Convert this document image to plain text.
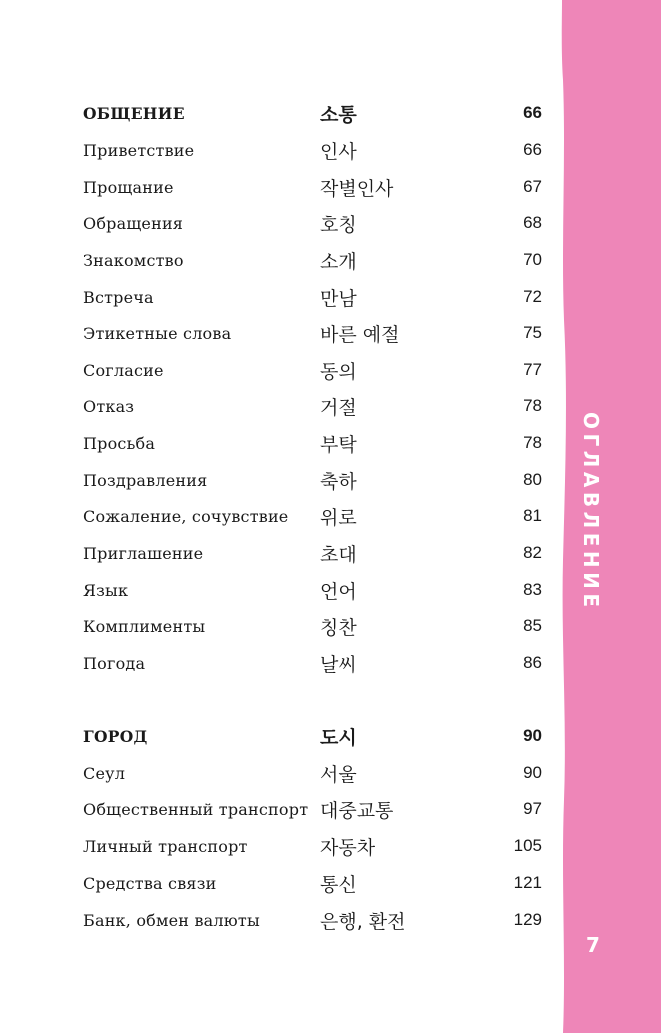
ОБЩЕНИЕ	소통	66
Приветствие	인사	66
Прощание	작별인사	67
Обращения	호칭	68
Знакомство	소개	70
Встреча	만남	72
Этикетные слова	바른 예절	75
Согласие	동의	77
Отказ	거절	78
Просьба	부탁	78
Поздравления	축하	80
Сожаление, сочувствие 위로	81
Приглашение	초대	82
Язык	언어	83
Комплименты	칭찬	85
Погода	날씨	86
ГОРОД	도시	90
Сеул	서울	90
Общественный транспорт 대중교통	97
Личный транспорт	자동차	105
Средства связи	통신	121
Банк, обмен валюты	은행, 환전	129
ОГЛАВЛЕНИЕ
7
